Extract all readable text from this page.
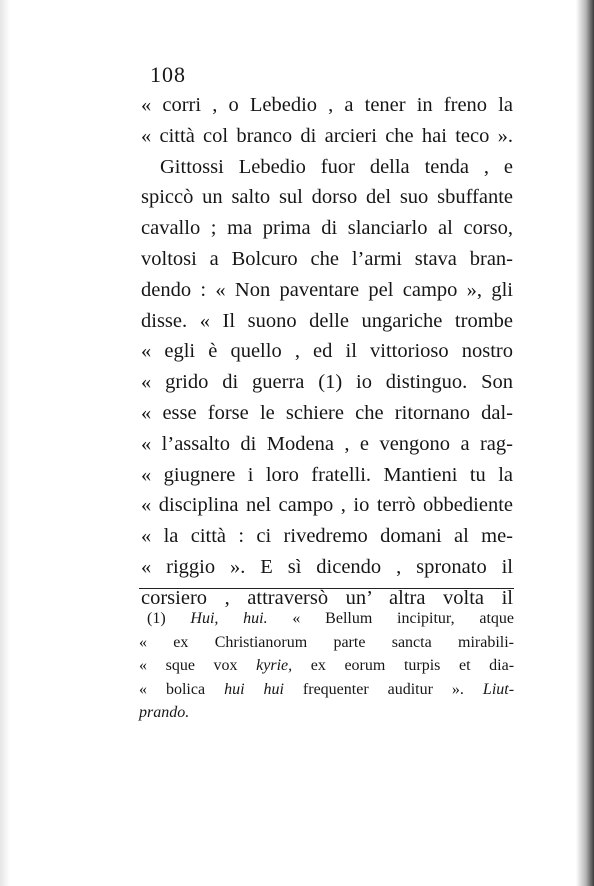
108
« corri , o Lebedio , a tener in freno la
« città col branco di arcieri che hai teco ».
Gittossi Lebedio fuor della tenda , e
spiccò un salto sul dorso del suo sbuffante
cavallo ; ma prima di slanciarlo al corso,
voltosi a Bolcuro che l’armi stava bran-
dendo : « Non paventare pel campo », gli
disse. « Il suono delle ungariche trombe
« egli è quello , ed il vittorioso nostro
« grido di guerra (1) io distinguo. Son
« esse forse le schiere che ritornano dal-
« l’assalto di Modena , e vengono a rag-
« giugnere i loro fratelli. Mantieni tu la
« disciplina nel campo , io terrò obbediente
« la città : ci rivedremo domani al me-
« riggio ». E sì dicendo , spronato il
corsiero , attraversò un’ altra volta il
(1) Hui, hui. « Bellum incipitur, atque
« ex Christianorum parte sancta mirabili-
« sque vox kyrie, ex eorum turpis et dia-
« bolica hui hui frequenter auditur ». Liut-
prando.
